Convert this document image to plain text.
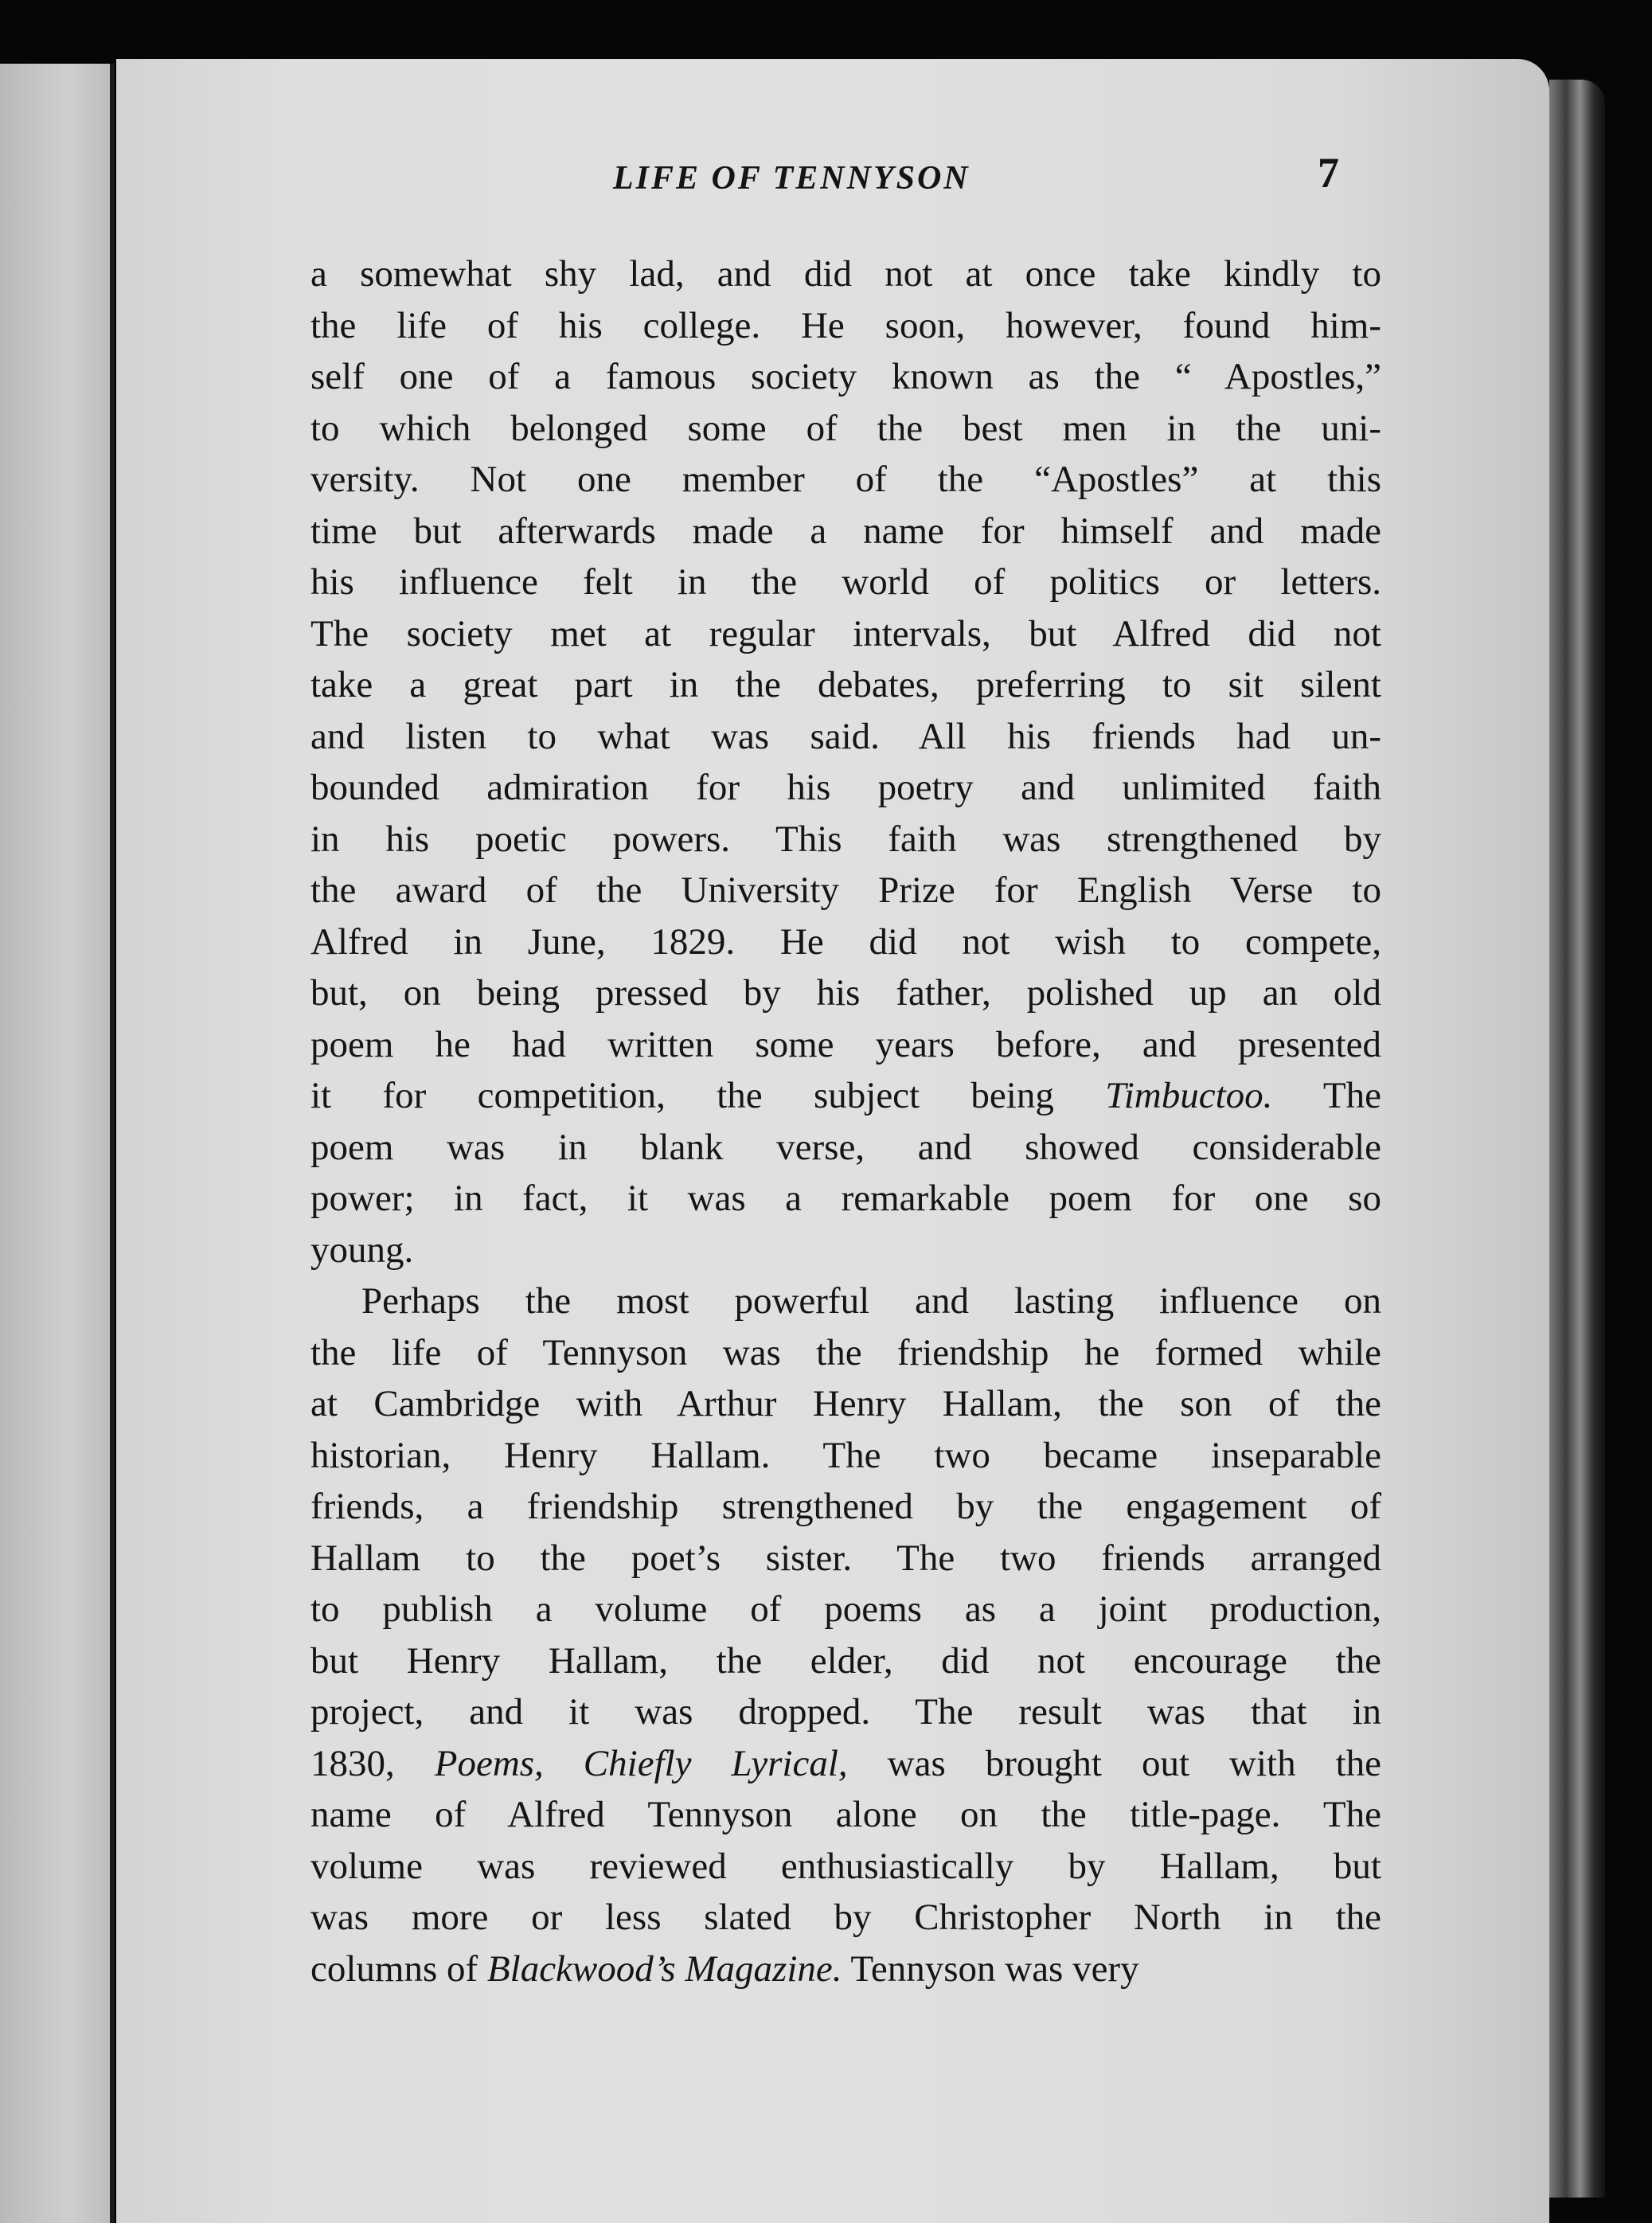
LIFE OF TENNYSON	7

a somewhat shy lad, and did not at once take kindly to
the life of his college. He soon, however, found him-
self one of a famous society known as the “ Apostles,”
to which belonged some of the best men in the uni-
versity. Not one member of the “Apostles” at this
time but afterwards made a name for himself and made
his influence felt in the world of politics or letters.
The society met at regular intervals, but Alfred did not
take a great part in the debates, preferring to sit silent
and listen to what was said. All his friends had un-
bounded admiration for his poetry and unlimited faith
in his poetic powers. This faith was strengthened by
the award of the University Prize for English Verse to
Alfred in June, 1829. He did not wish to compete,
but, on being pressed by his father, polished up an old
poem he had written some years before, and presented
it for competition, the subject being Timbuctoo. The
poem was in blank verse, and showed considerable
power; in fact, it was a remarkable poem for one so
young.

Perhaps the most powerful and lasting influence on
the life of Tennyson was the friendship he formed while
at Cambridge with Arthur Henry Hallam, the son of the
historian, Henry Hallam. The two became inseparable
friends, a friendship strengthened by the engagement of
Hallam to the poet’s sister. The two friends arranged
to publish a volume of poems as a joint production,
but Henry Hallam, the elder, did not encourage the
project, and it was dropped. The result was that in
1830, Poems, Chiefly Lyrical, was brought out with the
name of Alfred Tennyson alone on the title-page. The
volume was reviewed enthusiastically by Hallam, but
was more or less slated by Christopher North in the
columns of Blackwood’s Magazine. Tennyson was very
